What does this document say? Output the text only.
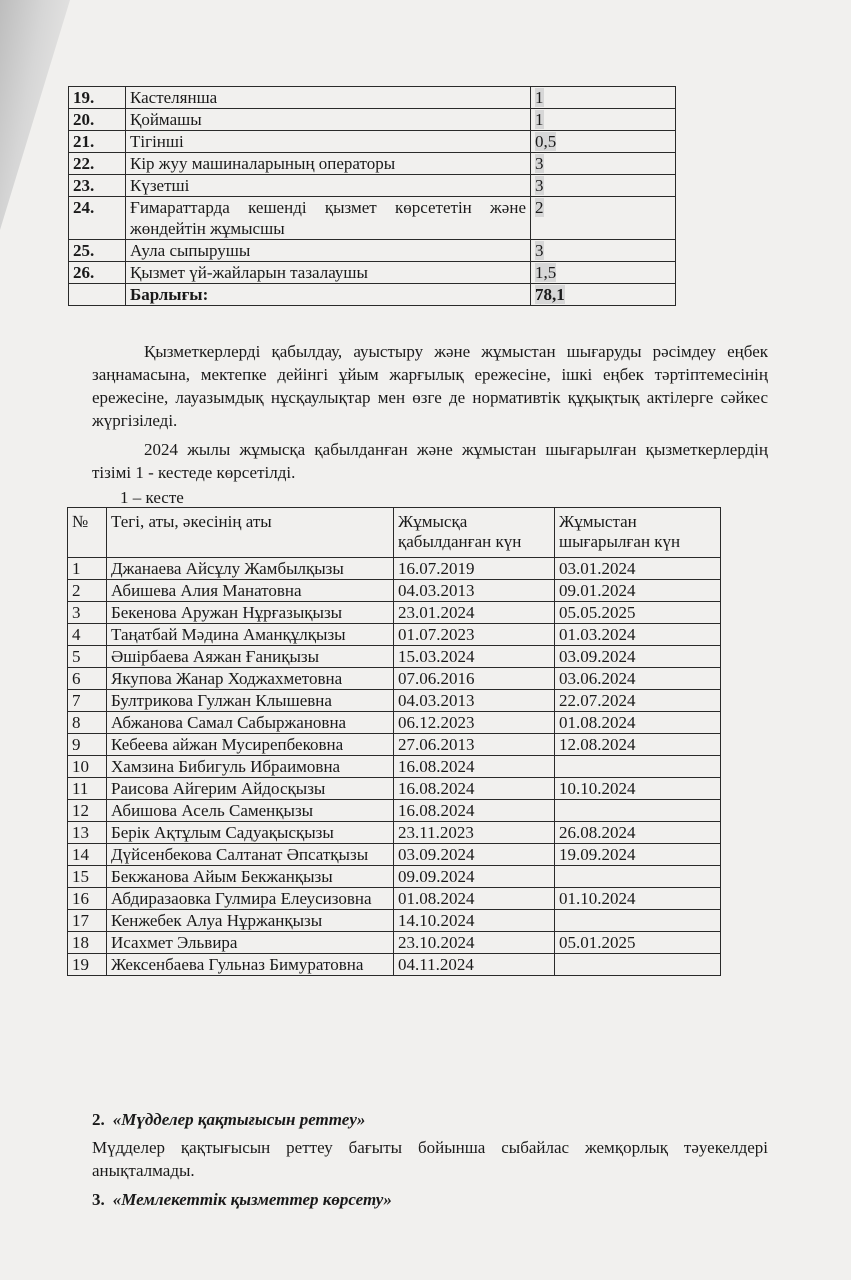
19.	Кастелянша	1
20.	Қоймашы	1
21.	Тігінші	0,5
22.	Кір жуу машиналарының операторы	3
23.	Күзетші	3
24.	Ғимараттарда кешенді қызмет көрсететін және жөндейтін жұмысшы	2
25.	Аула сыпырушы	3
26.	Қызмет үй-жайларын тазалаушы	1,5
	Барлығы:	78,1
Қызметкерлерді қабылдау, ауыстыру және жұмыстан шығаруды рәсімдеу еңбек заңнамасына, мектепке дейінгі ұйым жарғылық ережесіне, ішкі еңбек тәртіптемесінің ережесіне, лауазымдық нұсқаулықтар мен өзге де нормативтік құқықтық актілерге сәйкес жүргізіледі.
2024 жылы жұмысқа қабылданған және жұмыстан шығарылған қызметкерлердің тізімі 1 - кестеде көрсетілді.
1 – кесте
№	Тегі, аты, әкесінің аты	Жұмысқа қабылданған күн	Жұмыстан шығарылған күн
1	Джанаева Айсұлу Жамбылқызы	16.07.2019	03.01.2024
2	Абишева Алия Манатовна	04.03.2013	09.01.2024
3	Бекенова Аружан Нұрғазықызы	23.01.2024	05.05.2025
4	Таңатбай Мәдина Аманқұлқызы	01.07.2023	01.03.2024
5	Әшірбаева Аяжан Ғаниқызы	15.03.2024	03.09.2024
6	Якупова Жанар Ходжахметовна	07.06.2016	03.06.2024
7	Бултрикова Гулжан Клышевна	04.03.2013	22.07.2024
8	Абжанова Самал Сабыржановна	06.12.2023	01.08.2024
9	Кебеева айжан Мусирепбековна	27.06.2013	12.08.2024
10	Хамзина Бибигуль Ибраимовна	16.08.2024	
11	Раисова Айгерим Айдосқызы	16.08.2024	10.10.2024
12	Абишова Асель Саменқызы	16.08.2024	
13	Берік Ақтұлым Садуақысқызы	23.11.2023	26.08.2024
14	Дүйсенбекова Салтанат Әпсатқызы	03.09.2024	19.09.2024
15	Бекжанова Айым Бекжанқызы	09.09.2024	
16	Абдиразаовка Гулмира Елеусизовна	01.08.2024	01.10.2024
17	Кенжебек Алуа Нұржанқызы	14.10.2024	
18	Исахмет Эльвира	23.10.2024	05.01.2025
19	Жексенбаева Гульназ Бимуратовна	04.11.2024	
2. «Мүдделер қақтығысын реттеу»
Мүдделер қақтығысын реттеу бағыты бойынша сыбайлас жемқорлық тәуекелдері анықталмады.
3. «Мемлекеттік қызметтер көрсету»
